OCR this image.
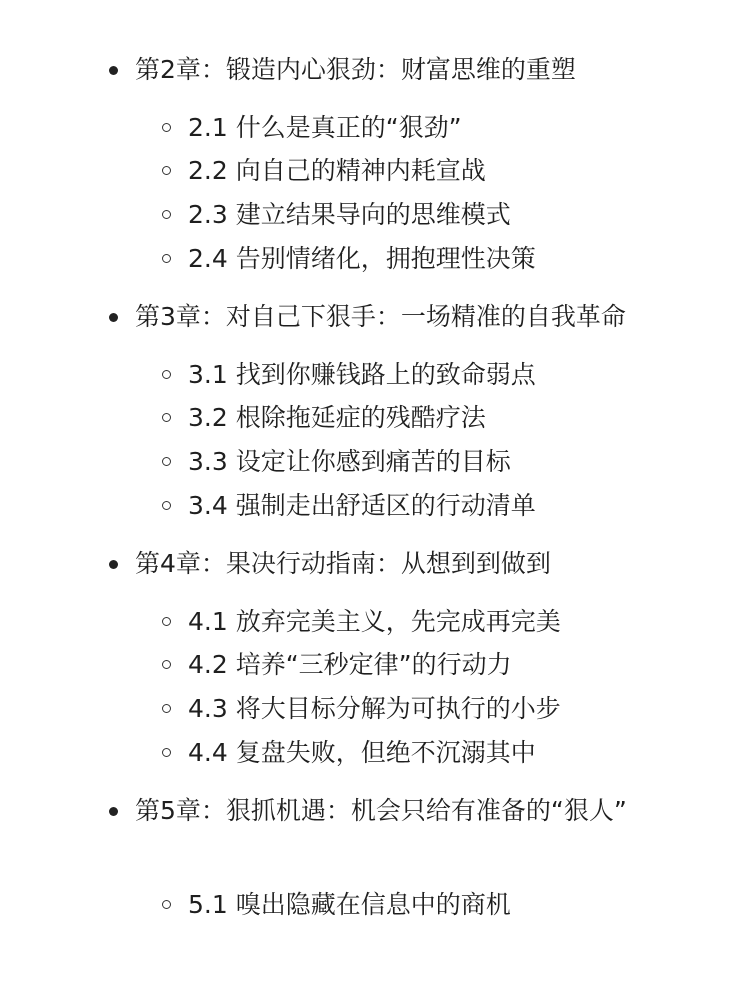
第2章：锻造内心狠劲：财富思维的重塑
2.1 什么是真正的“狠劲”
2.2 向自己的精神内耗宣战
2.3 建立结果导向的思维模式
2.4 告别情绪化，拥抱理性决策
第3章：对自己下狠手：一场精准的自我革命
3.1 找到你赚钱路上的致命弱点
3.2 根除拖延症的残酷疗法
3.3 设定让你感到痛苦的目标
3.4 强制走出舒适区的行动清单
第4章：果决行动指南：从想到到做到
4.1 放弃完美主义，先完成再完美
4.2 培养“三秒定律”的行动力
4.3 将大目标分解为可执行的小步
4.4 复盘失败，但绝不沉溺其中
第5章：狠抓机遇：机会只给有准备的“狠人”
5.1 嗅出隐藏在信息中的商机
